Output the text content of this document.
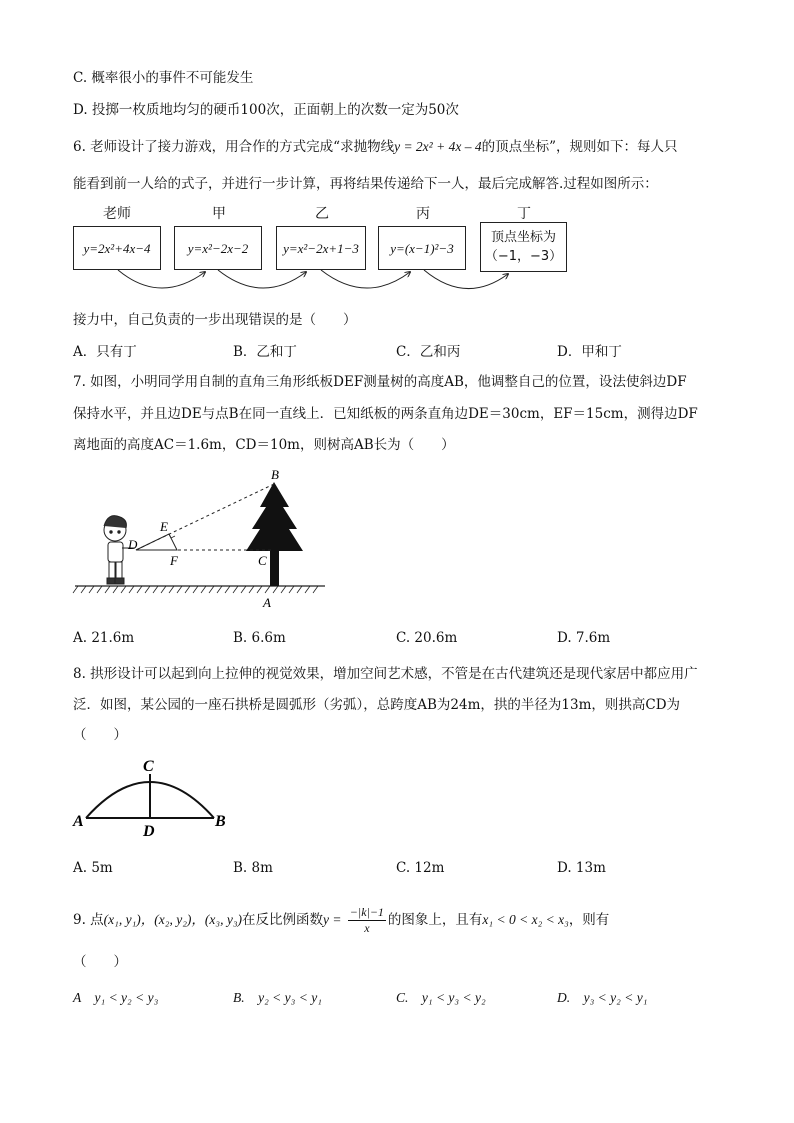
C. 概率很小的事件不可能发生
D. 投掷一枚质地均匀的硬币100次，正面朝上的次数一定为50次
6. 老师设计了接力游戏，用合作的方式完成“求抛物线y = 2x² + 4x – 4的顶点坐标”，规则如下：每人只
能看到前一人给的式子，并进行一步计算，再将结果传递给下一人，最后完成解答.过程如图所示：
老师	甲	乙	丙	丁
y=2x²+4x−4	y=x²−2x−2	y=x²−2x+1−3	y=(x−1)²−3
顶点坐标为
（−1，−3）
接力中，自己负责的一步出现错误的是（　　）
A．只有丁	B．乙和丁	C．乙和丙	D．甲和丁
7. 如图，小明同学用自制的直角三角形纸板DEF测量树的高度AB，他调整自己的位置，设法使斜边DF
保持水平，并且边DE与点B在同一直线上．已知纸板的两条直角边DE＝30cm，EF＝15cm，测得边DF
离地面的高度AC＝1.6m，CD＝10m，则树高AB长为（　　）
B
E
D
F	C
A
A. 21.6m	B. 6.6m	C. 20.6m	D. 7.6m
8. 拱形设计可以起到向上拉伸的视觉效果，增加空间艺术感，不管是在古代建筑还是现代家居中都应用广
泛．如图，某公园的一座石拱桥是圆弧形（劣弧），总跨度AB为24m，拱的半径为13m，则拱高CD为
（　　）
A	B
C
D
A. 5m	B. 8m	C. 12m	D. 13m
9. 点(x₁, y₁)，(x₂, y₂)，(x₃, y₃)在反比例函数$y = \frac{-|k|-1}{x}$ 的图象上，且有x₁ < 0 < x₂ < x₃，则有
（　　）
A　y₁ < y₂ < y₃	B.　y₂ < y₃ < y₁	C.　y₁ < y₃ < y₂	D.　y₃ < y₂ < y₁
